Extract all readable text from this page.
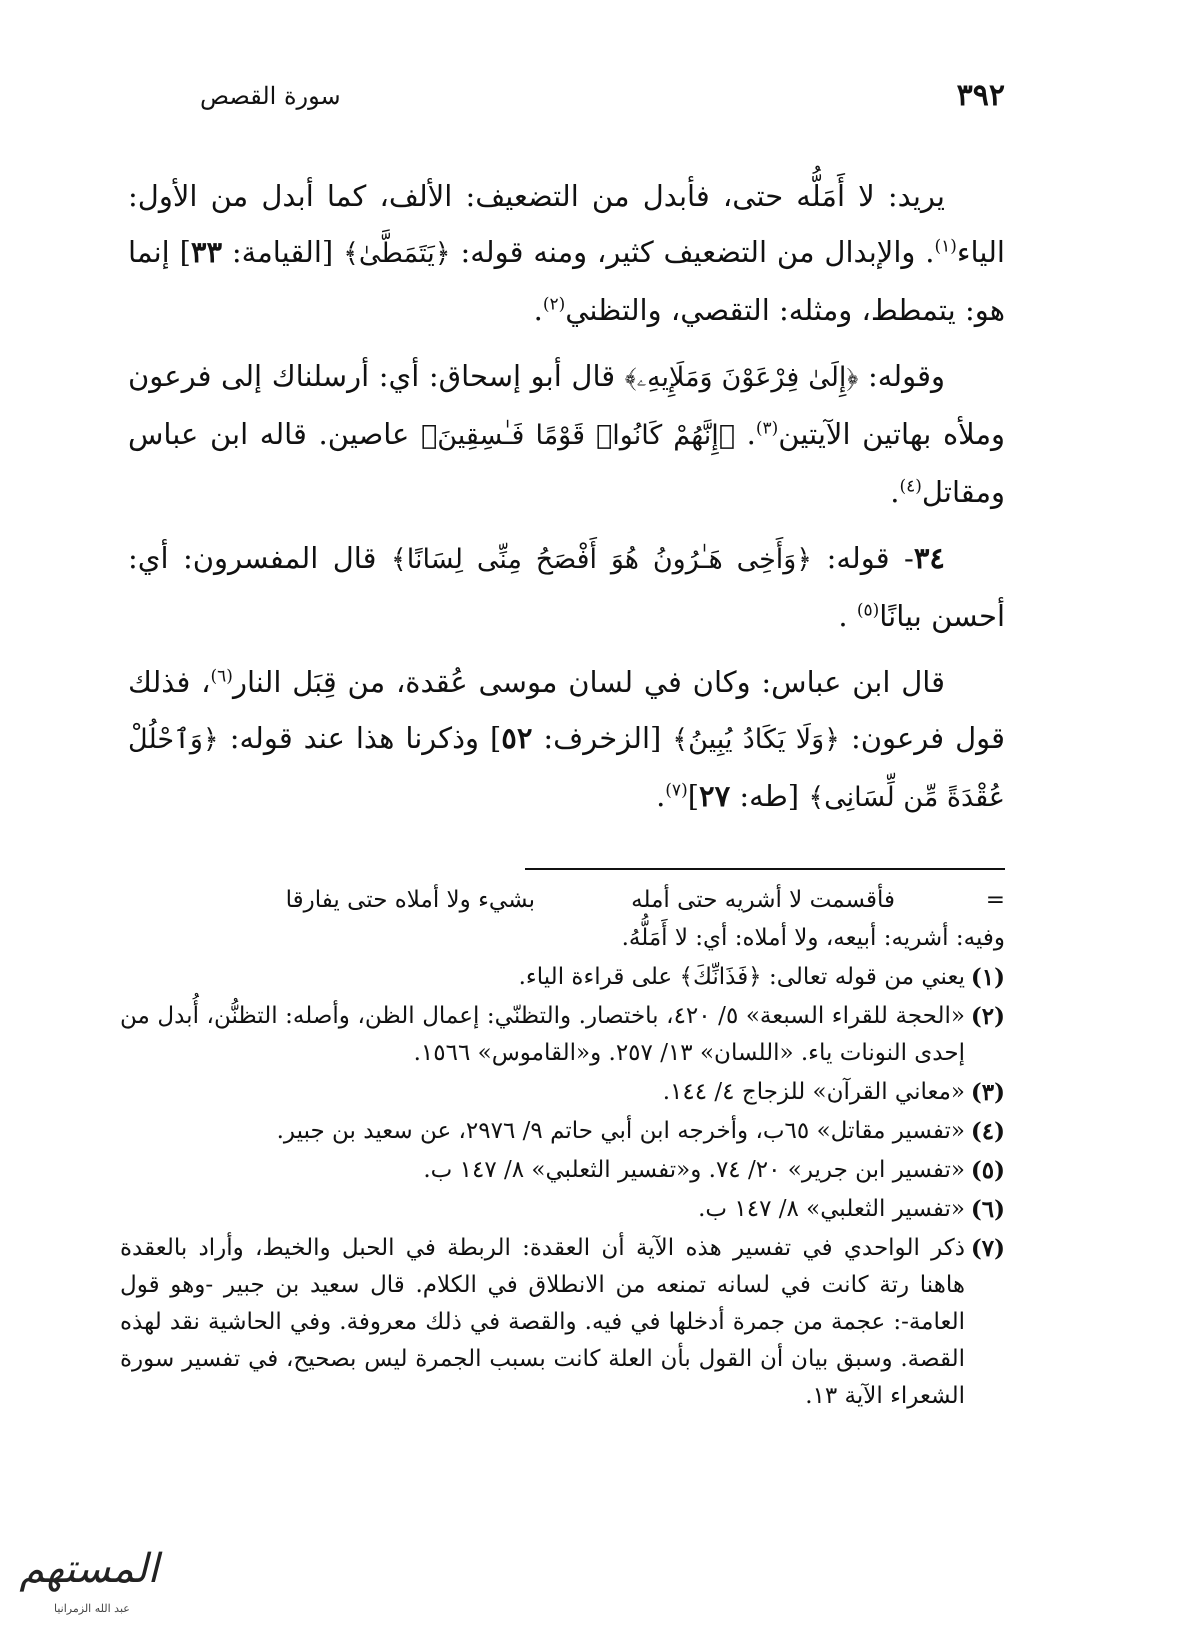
٣٩٢
سورة القصص

يريد: لا أَمَلُّه حتى، فأبدل من التضعيف: الألف، كما أبدل من الأول: الياء$^{(١)}$. والإبدال من التضعيف كثير، ومنه قوله: ﴿يَتَمَطَّىٰ﴾ [القيامة: ٣٣] إنما هو: يتمطط، ومثله: التقصي، والتظني$^{(٢)}$.

وقوله: ﴿إِلَىٰ فِرْعَوْنَ وَمَلَإِيهِۦ﴾ قال أبو إسحاق: أي: أرسلناك إلى فرعون وملأه بهاتين الآيتين$^{(٣)}$. ﴿إِنَّهُمْ كَانُوا۟ قَوْمًا فَـٰسِقِينَ﴾ عاصين. قاله ابن عباس ومقاتل$^{(٤)}$.

٣٤- قوله: ﴿وَأَخِى هَـٰرُونُ هُوَ أَفْصَحُ مِنِّى لِسَانًا﴾ قال المفسرون: أي: أحسن بيانًا$^{(٥)}$ .

قال ابن عباس: وكان في لسان موسى عُقدة، من قِبَل النار$^{(٦)}$، فذلك قول فرعون: ﴿وَلَا يَكَادُ يُبِينُ﴾ [الزخرف: ٥٢] وذكرنا هذا عند قوله: ﴿وَٱحْلُلْ عُقْدَةً مِّن لِّسَانِى﴾ [طه: ٢٧]$^{(٧)}$.

=
فأقسمت لا أشريه حتى أمله
بشيء ولا أملاه حتى يفارقا
وفيه: أشريه: أبيعه، ولا أملاه: أي: لا أَمَلُّهُ.
(١)
يعني من قوله تعالى: ﴿فَذَانِّكَ﴾ على قراءة الياء.
(٢)
«الحجة للقراء السبعة» ٥/ ٤٢٠، باختصار. والتظنّي: إعمال الظن، وأصله: التظنُّن، أُبدل من إحدى النونات ياء. «اللسان» ١٣/ ٢٥٧. و«القاموس» ١٥٦٦.
(٣)
«معاني القرآن» للزجاج ٤/ ١٤٤.
(٤)
«تفسير مقاتل» ٦٥ب، وأخرجه ابن أبي حاتم ٩/ ٢٩٧٦، عن سعيد بن جبير.
(٥)
«تفسير ابن جرير» ٢٠/ ٧٤. و«تفسير الثعلبي» ٨/ ١٤٧ ب.
(٦)
«تفسير الثعلبي» ٨/ ١٤٧ ب.
(٧)
ذكر الواحدي في تفسير هذه الآية أن العقدة: الربطة في الحبل والخيط، وأراد بالعقدة هاهنا رتة كانت في لسانه تمنعه من الانطلاق في الكلام. قال سعيد بن جبير -وهو قول العامة-: عجمة من جمرة أدخلها في فيه. والقصة في ذلك معروفة. وفي الحاشية نقد لهذه القصة. وسبق بيان أن القول بأن العلة كانت بسبب الجمرة ليس بصحيح، في تفسير سورة الشعراء الآية ١٣.
المستهم
عبد الله الزمرانيا
